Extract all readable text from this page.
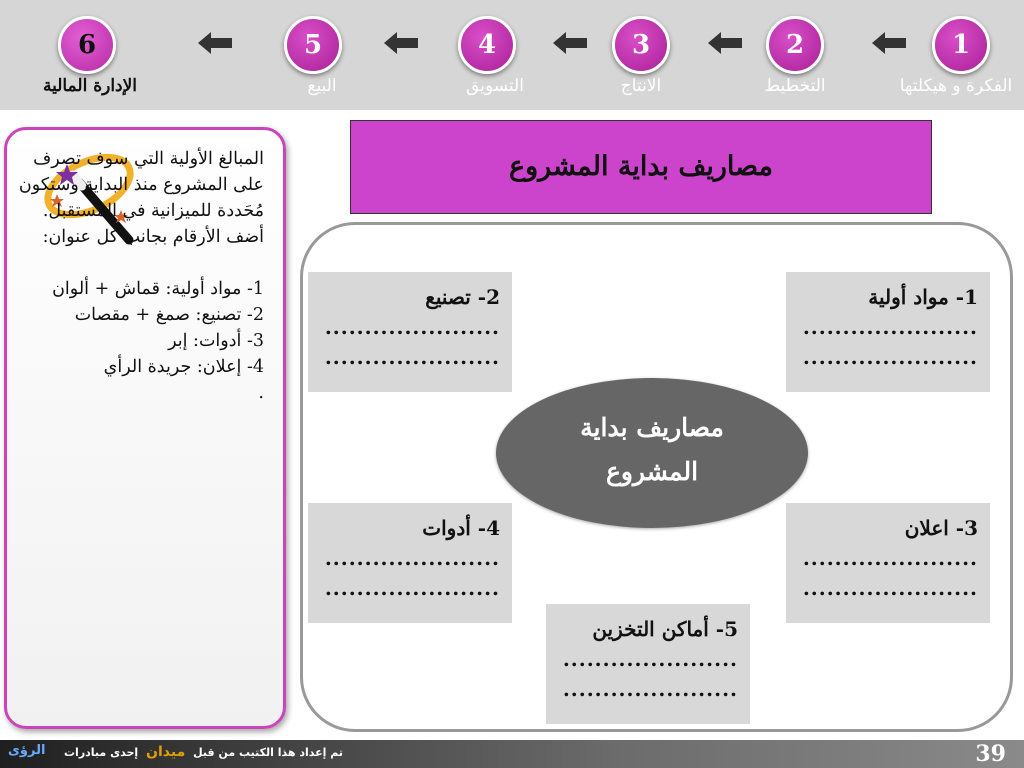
1
الفكرة و هيكلتها
2
التخطيط
3
الانتاج
4
التسويق
5
البيع
6
الإدارة المالية

المبالغ الأولية التي سوف تصرف على المشروع منذ البداية وستكون مُحَددة للميزانية في المستقبل.

أضف الأرقام بجانب كل عنوان:

1- مواد أولية: قماش + ألوان

2- تصنيع: صمغ + مقصات

3- أدوات: إبر

4- إعلان: جريدة الرأي

.

مصاريف بداية المشروع
1- مواد أولية
......................
......................
2- تصنيع
......................
......................
3- اعلان
......................
......................
4- أدوات
......................
......................
5- أماكن التخزين
......................
......................
مصاريف بداية المشروع
الرؤى	تم إعداد هذا الكتيب من قبل ميدان إحدى مبادرات	39
